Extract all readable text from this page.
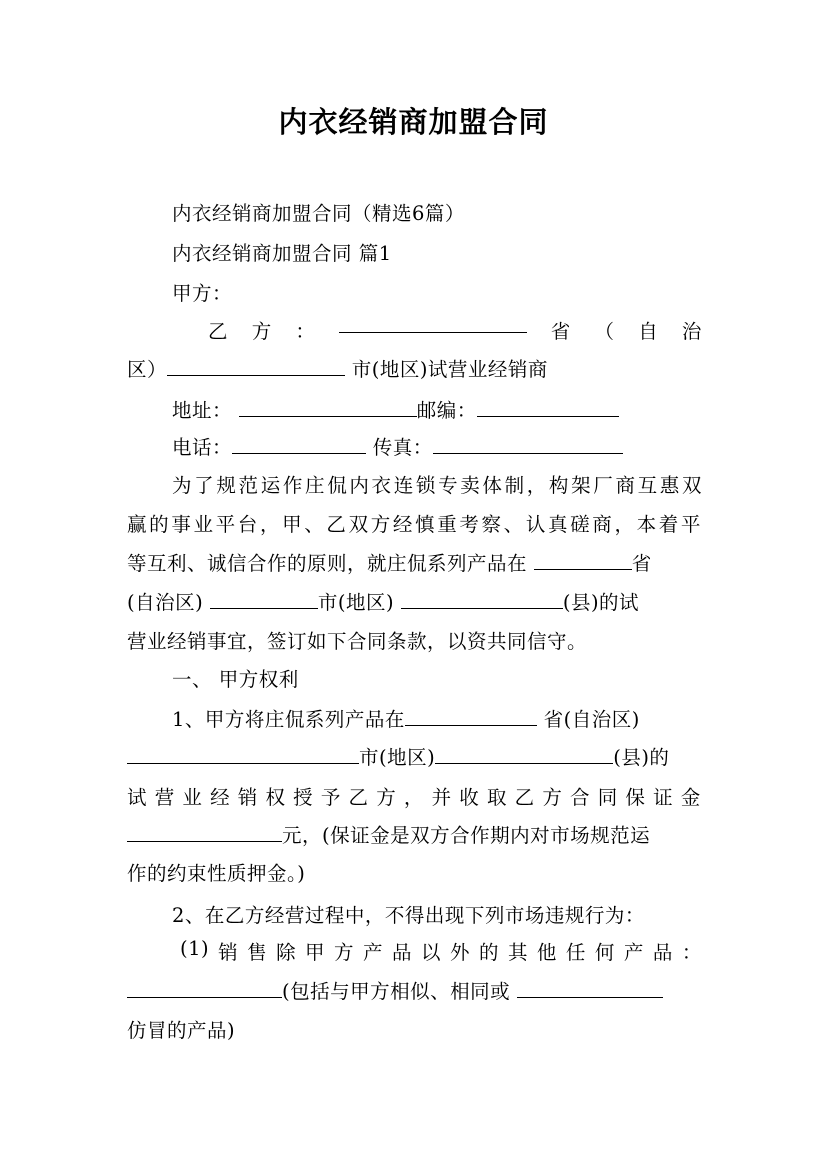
内衣经销商加盟合同
内衣经销商加盟合同（精选6篇）
内衣经销商加盟合同 篇1
甲方：
乙 方 ：	省 （ 自 治
区）	市(地区)试营业经销商
地址：	邮编：
电话：	传真：
为 了 规 范 运 作 庄 侃 内 衣 连 锁 专 卖 体 制 ， 构 架 厂 商 互 惠 双
赢 的 事 业 平 台 ， 甲 、 乙 双 方 经 慎 重 考 察 、 认 真 磋 商 ， 本 着 平
等互利、诚信合作的原则，就庄侃系列产品在	省
(自治区)	市(地区)	(县)的试
营业经销事宜，签订如下合同条款，以资共同信守。
一、 甲方权利
1、甲方将庄侃系列产品在	省(自治区)
市(地区)	(县)的
试 营 业 经 销 权 授 予 乙 方 ， 并 收 取 乙 方 合 同 保 证 金
元，(保证金是双方合作期内对市场规范运
作的约束性质押金。)
2、在乙方经营过程中，不得出现下列市场违规行为：
(1) 销 售 除 甲 方 产 品 以 外 的 其 他 任 何 产 品 ：
(包括与甲方相似、相同或
仿冒的产品)
